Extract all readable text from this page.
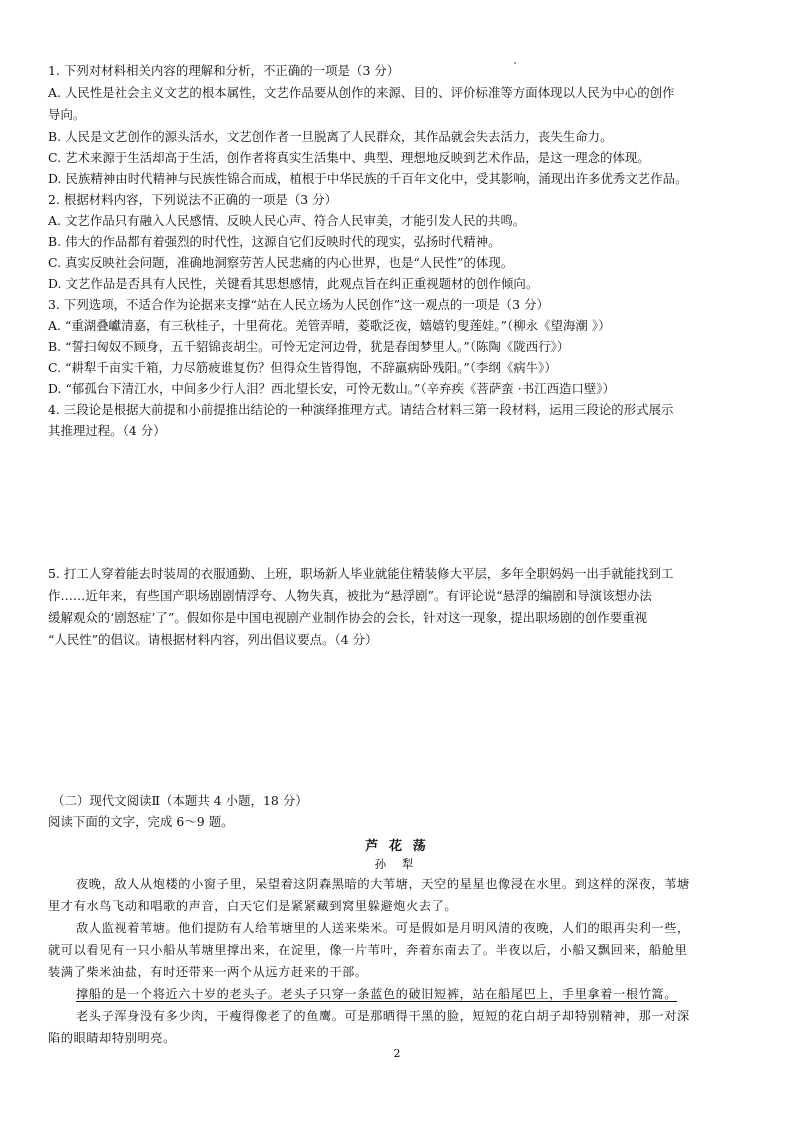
1. 下列对材料相关内容的理解和分析，不正确的一项是（3 分）
A. 人民性是社会主义文艺的根本属性，文艺作品要从创作的来源、目的、评价标准等方面体现以人民为中心的创作
导向。
B. 人民是文艺创作的源头活水，文艺创作者一旦脱离了人民群众，其作品就会失去活力，丧失生命力。
C. 艺术来源于生活却高于生活，创作者将真实生活集中、典型、理想地反映到艺术作品，是这一理念的体现。
D. 民族精神由时代精神与民族性锦合而成，植根于中华民族的千百年文化中，受其影响，涌现出许多优秀文艺作品。
2. 根据材料内容，下列说法不正确的一项是（3 分）
A. 文艺作品只有融入人民感情、反映人民心声、符合人民审美，才能引发人民的共鸣。
B. 伟大的作品都有着强烈的时代性，这源自它们反映时代的现实，弘扬时代精神。
C. 真实反映社会问题，准确地洞察劳苦人民悲痛的内心世界，也是“人民性”的体现。
D. 文艺作品是否具有人民性，关键看其思想感情，此观点旨在纠正重视题材的创作倾向。
3. 下列选项，不适合作为论据来支撑“站在人民立场为人民创作”这一观点的一项是（3 分）
A. “重湖叠巘清嘉，有三秋桂子，十里荷花。羌管弄晴，菱歌泛夜，嬉嬉钓叟莲娃。”（柳永《望海潮 》）
B. “誓扫匈奴不顾身，五千貂锦丧胡尘。可怜无定河边骨，犹是春闺梦里人。”（陈陶《陇西行》）
C. “耕犁千亩实千箱，力尽筋疲谁复伤？但得众生皆得饱，不辞羸病卧残阳。”（李纲《病牛》）
D. “郁孤台下清江水，中间多少行人泪？西北望长安，可怜无数山。”（辛弃疾《菩萨蛮 ·书江西造口壁》）
4. 三段论是根据大前提和小前提推出结论的一种演绎推理方式。请结合材料三第一段材料，运用三段论的形式展示
其推理过程。（4 分）
5. 打工人穿着能去时装周的衣服通勤、上班，职场新人毕业就能住精装修大平层，多年全职妈妈一出手就能找到工
作……近年来，有些国产职场剧剧情浮夸、人物失真，被批为“悬浮剧”。有评论说“悬浮的编剧和导演该想办法
缓解观众的‘剧怒症’了”。假如你是中国电视剧产业制作协会的会长，针对这一现象，提出职场剧的创作要重视
“人民性”的倡议。请根据材料内容，列出倡议要点。（4 分）
（二）现代文阅读Ⅱ（本题共 4 小题，18 分）
阅读下面的文字，完成 6～9 题。
芦 花 荡
孙 犁
夜晚，敌人从炮楼的小窗子里，呆望着这阴森黑暗的大苇塘，天空的星星也像浸在水里。到这样的深夜，苇塘
里才有水鸟飞动和唱歌的声音，白天它们是紧紧藏到窝里躲避炮火去了。
敌人监视着苇塘。他们提防有人给苇塘里的人送来柴米。可是假如是月明风清的夜晚，人们的眼再尖利一些，
就可以看见有一只小船从苇塘里撑出来，在淀里，像一片苇叶，奔着东南去了。半夜以后，小船又飘回来，船舱里
装满了柴米油盐，有时还带来一两个从远方赶来的干部。
撑船的是一个将近六十岁的老头子。老头子只穿一条蓝色的破旧短裤，站在船尾巴上，手里拿着一根竹篙。
老头子浑身没有多少肉，干瘦得像老了的鱼鹰。可是那晒得干黑的脸，短短的花白胡子却特别精神，那一对深
陷的眼睛却特别明亮。
2
